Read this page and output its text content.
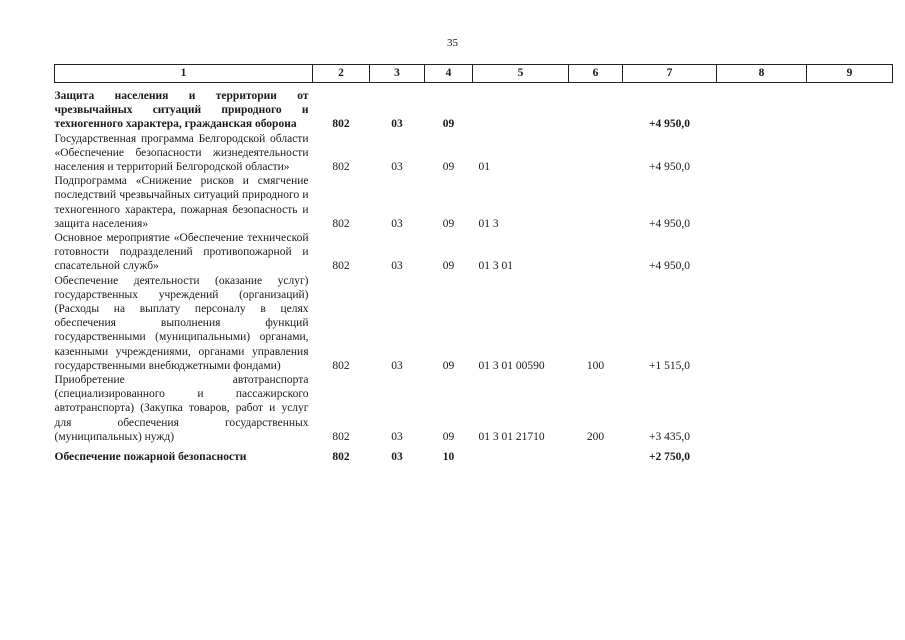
35
1	2	3	4	5	6	7	8	9
Защита населения и территории от чрезвычайных ситуаций природного и техногенного характера, гражданская оборона	802	03	09			+4 950,0		
Государственная программа Белгородской области «Обеспечение безопасности жизнедеятельности населения и территорий Белгородской области»	802	03	09	01		+4 950,0		
Подпрограмма «Снижение рисков и смягчение последствий чрезвычайных ситуаций природного и техногенного характера, пожарная безопасность и защита населения»	802	03	09	01 3		+4 950,0		
Основное мероприятие «Обеспечение технической готовности подразделений противопожарной и спасательной служб»	802	03	09	01 3 01		+4 950,0		
Обеспечение деятельности (оказание услуг) государственных учреждений (организаций) (Расходы на выплату персоналу в целях обеспечения выполнения функций государственными (муниципальными) органами, казенными учреждениями, органами управления государственными внебюджетными фондами)	802	03	09	01 3 01 00590	100	+1 515,0		
Приобретение автотранспорта (специализированного и пассажирского автотранспорта) (Закупка товаров, работ и услуг для обеспечения государственных (муниципальных) нужд)	802	03	09	01 3 01 21710	200	+3 435,0		
Обеспечение пожарной безопасности	802	03	10			+2 750,0		
